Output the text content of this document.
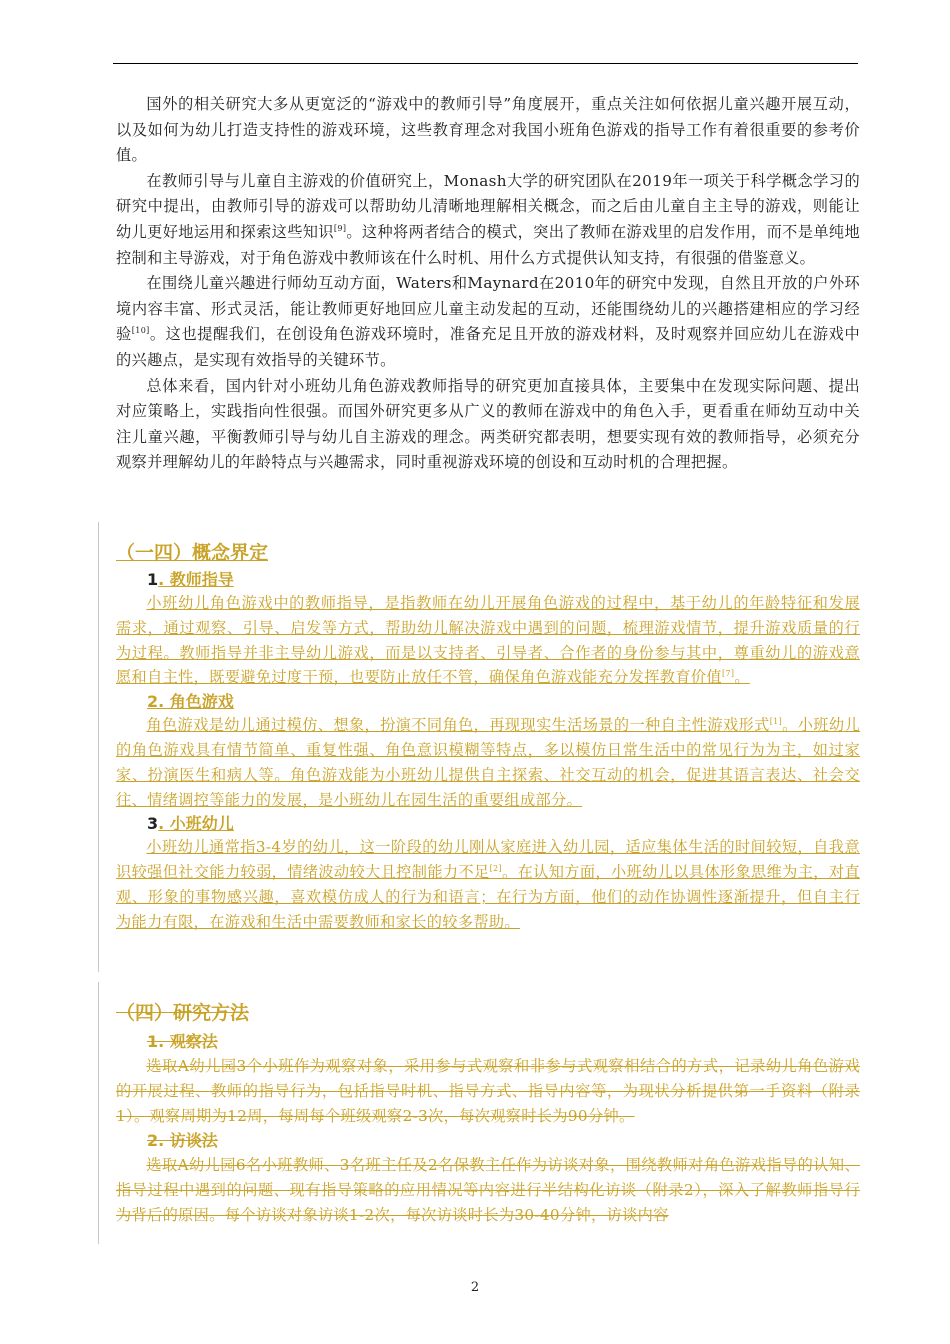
国外的相关研究大多从更宽泛的“游戏中的教师引导”角度展开，重点关注如何依据儿童兴趣开展互动，以及如何为幼儿打造支持性的游戏环境，这些教育理念对我国小班角色游戏的指导工作有着很重要的参考价值。

在教师引导与儿童自主游戏的价值研究上，Monash大学的研究团队在2019年一项关于科学概念学习的研究中提出，由教师引导的游戏可以帮助幼儿清晰地理解相关概念，而之后由儿童自主主导的游戏，则能让幼儿更好地运用和探索这些知识[9]。这种将两者结合的模式，突出了教师在游戏里的启发作用，而不是单纯地控制和主导游戏，对于角色游戏中教师该在什么时机、用什么方式提供认知支持，有很强的借鉴意义。

在围绕儿童兴趣进行师幼互动方面，Waters和Maynard在2010年的研究中发现，自然且开放的户外环境内容丰富、形式灵活，能让教师更好地回应儿童主动发起的互动，还能围绕幼儿的兴趣搭建相应的学习经验[10]。这也提醒我们，在创设角色游戏环境时，准备充足且开放的游戏材料，及时观察并回应幼儿在游戏中的兴趣点，是实现有效指导的关键环节。

总体来看，国内针对小班幼儿角色游戏教师指导的研究更加直接具体，主要集中在发现实际问题、提出对应策略上，实践指向性很强。而国外研究更多从广义的教师在游戏中的角色入手，更看重在师幼互动中关注儿童兴趣，平衡教师引导与幼儿自主游戏的理念。两类研究都表明，想要实现有效的教师指导，必须充分观察并理解幼儿的年龄特点与兴趣需求，同时重视游戏环境的创设和互动时机的合理把握。

（一四）概念界定

1. 教师指导

小班幼儿角色游戏中的教师指导，是指教师在幼儿开展角色游戏的过程中，基于幼儿的年龄特征和发展需求，通过观察、引导、启发等方式，帮助幼儿解决游戏中遇到的问题，梳理游戏情节，提升游戏质量的行为过程。教师指导并非主导幼儿游戏，而是以支持者、引导者、合作者的身份参与其中，尊重幼儿的游戏意愿和自主性，既要避免过度干预，也要防止放任不管，确保角色游戏能充分发挥教育价值[7]。

2. 角色游戏

角色游戏是幼儿通过模仿、想象，扮演不同角色，再现现实生活场景的一种自主性游戏形式[1]。小班幼儿的角色游戏具有情节简单、重复性强、角色意识模糊等特点，多以模仿日常生活中的常见行为为主，如过家家、扮演医生和病人等。角色游戏能为小班幼儿提供自主探索、社交互动的机会，促进其语言表达、社会交往、情绪调控等能力的发展，是小班幼儿在园生活的重要组成部分。

3. 小班幼儿

小班幼儿通常指3-4岁的幼儿，这一阶段的幼儿刚从家庭进入幼儿园，适应集体生活的时间较短，自我意识较强但社交能力较弱，情绪波动较大且控制能力不足[2]。在认知方面，小班幼儿以具体形象思维为主，对直观、形象的事物感兴趣，喜欢模仿成人的行为和语言；在行为方面，他们的动作协调性逐渐提升，但自主行为能力有限，在游戏和生活中需要教师和家长的较多帮助。

（四）研究方法

1. 观察法

选取A幼儿园3个小班作为观察对象，采用参与式观察和非参与式观察相结合的方式，记录幼儿角色游戏的开展过程、教师的指导行为，包括指导时机、指导方式、指导内容等，为现状分析提供第一手资料（附录1）。观察周期为12周，每周每个班级观察2-3次，每次观察时长为90分钟。

2. 访谈法

选取A幼儿园6名小班教师、3名班主任及2名保教主任作为访谈对象，围绕教师对角色游戏指导的认知、指导过程中遇到的问题、现有指导策略的应用情况等内容进行半结构化访谈（附录2），深入了解教师指导行为背后的原因。每个访谈对象访谈1-2次，每次访谈时长为30-40分钟，访谈内容

2
